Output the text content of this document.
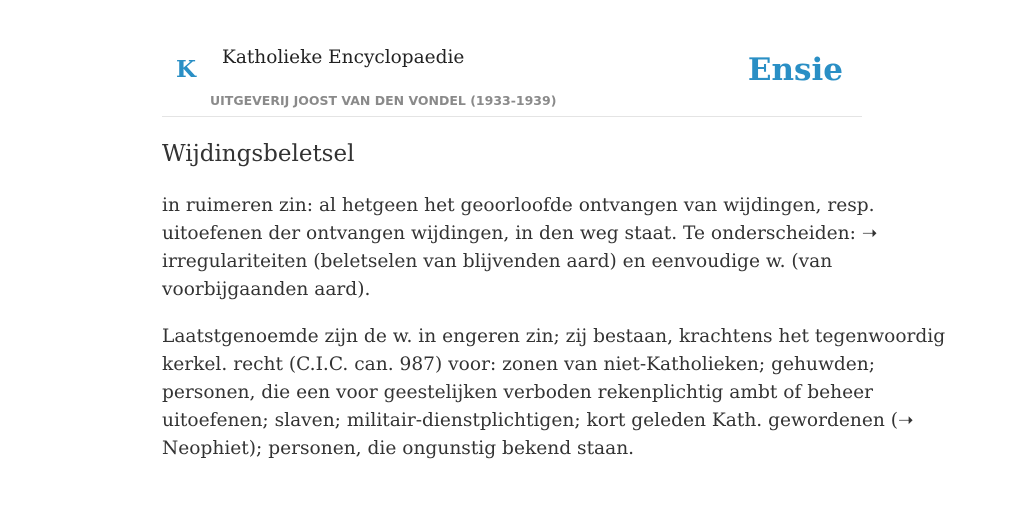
K Katholieke Encyclopaedie
UITGEVERIJ JOOST VAN DEN VONDEL (1933-1939)
Ensie
Wijdingsbeletsel

in ruimeren zin: al hetgeen het geoorloofde ontvangen van wijdingen, resp.
uitoefenen der ontvangen wijdingen, in den weg staat. Te onderscheiden: ➝
irregulariteiten (beletselen van blijvenden aard) en eenvoudige w. (van
voorbijgaanden aard).

Laatstgenoemde zijn de w. in engeren zin; zij bestaan, krachtens het tegenwoordig
kerkel. recht (C.I.C. can. 987) voor: zonen van niet-Katholieken; gehuwden;
personen, die een voor geestelijken verboden rekenplichtig ambt of beheer
uitoefenen; slaven; militair-dienstplichtigen; kort geleden Kath. gewordenen (➝
Neophiet); personen, die ongunstig bekend staan.
